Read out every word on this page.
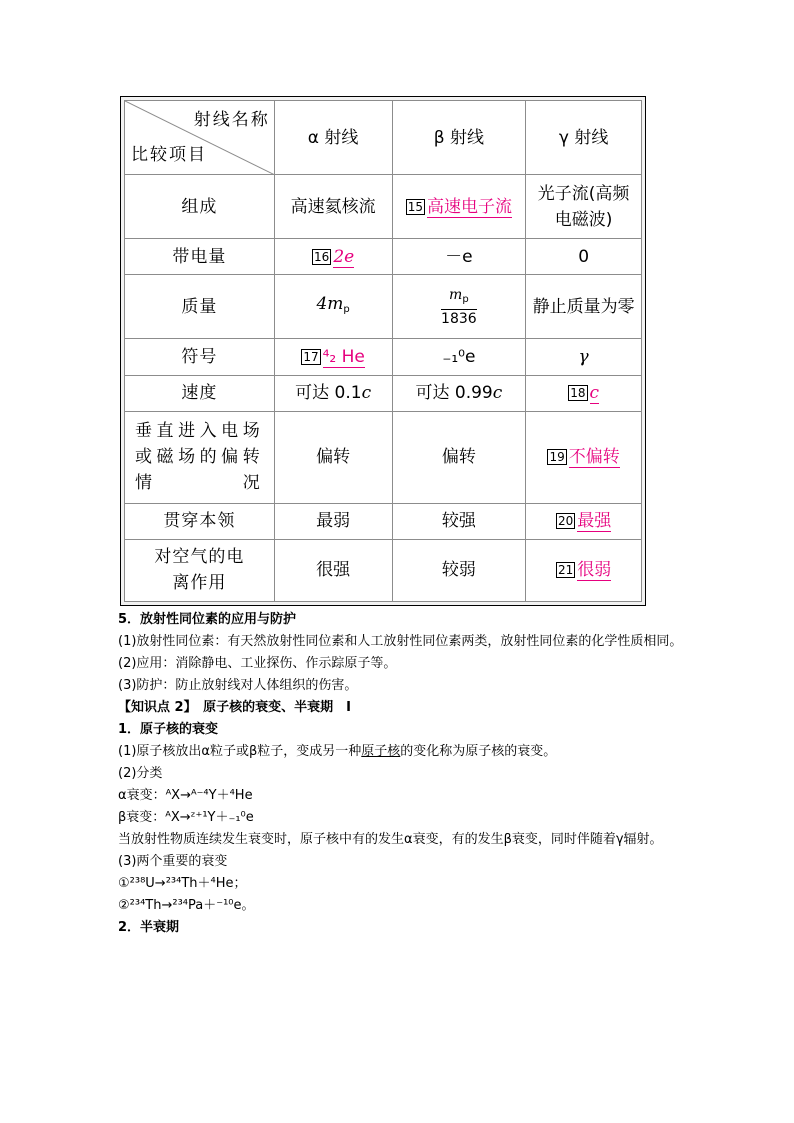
射线名称
比较项目	α 射线	β 射线	γ 射线
组成	高速氦核流	15 高速电子流	光子流(高频电磁波)
带电量	16 2e	－e	0
质量	$4m_p$	$\frac{m_p}{1836}$	静止质量为零
符号	17 ⁴₂ He	₋₁⁰e	γ
速度	可达 0.1c	可达 0.99c	18 c
垂直进入电场或磁场的偏转情况	偏转	偏转	19 不偏转
贯穿本领	最弱	较强	20 最强
对空气的电离作用	很强	较弱	21 很弱
5．放射性同位素的应用与防护
(1)放射性同位素：有天然放射性同位素和人工放射性同位素两类，放射性同位素的化学性质相同。
(2)应用：消除静电、工业探伤、作示踪原子等。
(3)防护：防止放射线对人体组织的伤害。
【知识点 2】　原子核的衰变、半衰期　I
1．原子核的衰变
(1)原子核放出α粒子或β粒子，变成另一种原子核的变化称为原子核的衰变。
(2)分类
α衰变：ᴬX→ᴬ⁻⁴Y＋⁴He
β衰变：ᴬX→ᶻ⁺¹Y＋₋₁⁰e
当放射性物质连续发生衰变时，原子核中有的发生α衰变，有的发生β衰变，同时伴随着γ辐射。
(3)两个重要的衰变
①²³⁸U→²³⁴Th＋⁴He；
②²³⁴Th→²³⁴Pa＋⁻¹⁰e。
2．半衰期
